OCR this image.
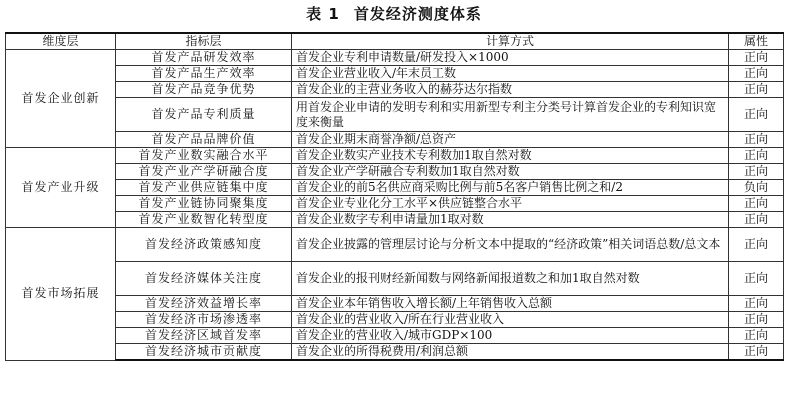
表 1 首发经济测度体系
维度层	指标层	计算方式	属性
首发企业创新	首发产品研发效率	首发企业专利申请数量/研发投入×1000	正向
	首发产品生产效率	首发企业营业收入/年末员工数	正向
	首发产品竞争优势	首发企业的主营业务收入的赫芬达尔指数	正向
	首发产品专利质量	用首发企业申请的发明专利和实用新型专利主分类号计算首发企业的专利知识宽度来衡量	正向
	首发产品品牌价值	首发企业期末商誉净额/总资产	正向
首发产业升级	首发产业数实融合水平	首发企业数实产业技术专利数加1取自然对数	正向
	首发产业产学研融合度	首发企业产学研融合专利数加1取自然对数	正向
	首发产业供应链集中度	首发企业的前5名供应商采购比例与前5名客户销售比例之和/2	负向
	首发产业链协同聚集度	首发企业专业化分工水平×供应链整合水平	正向
	首发产业数智化转型度	首发企业数字专利申请量加1取对数	正向
首发市场拓展	首发经济政策感知度	首发企业披露的管理层讨论与分析文本中提取的“经济政策”相关词语总数/总文本	正向
	首发经济媒体关注度	首发企业的报刊财经新闻数与网络新闻报道数之和加1取自然对数	正向
	首发经济效益增长率	首发企业本年销售收入增长额/上年销售收入总额	正向
	首发经济市场渗透率	首发企业的营业收入/所在行业营业收入	正向
	首发经济区域首发率	首发企业的营业收入/城市GDP×100	正向
	首发经济城市贡献度	首发企业的所得税费用/利润总额	正向
